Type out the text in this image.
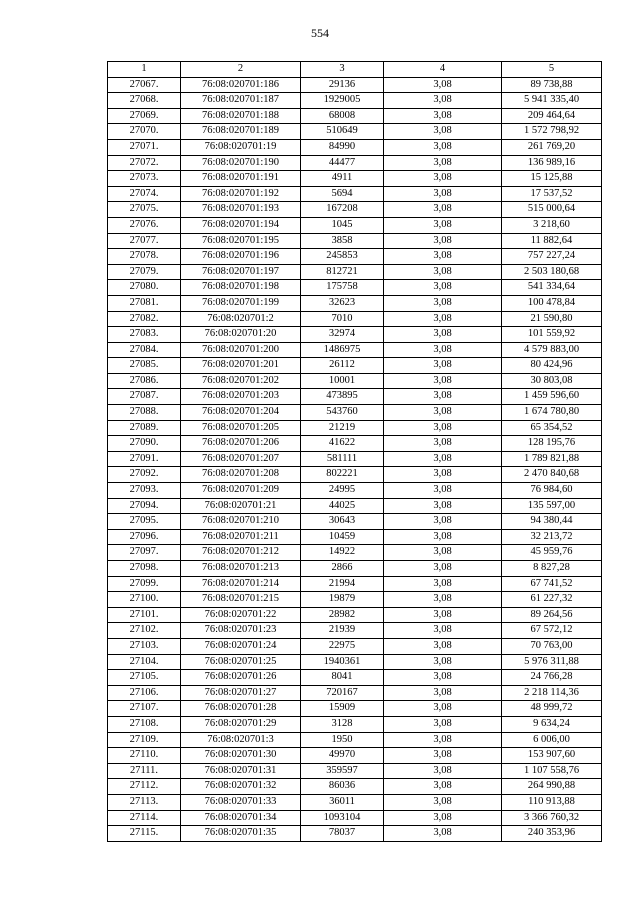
554
1	2	3	4	5
27067.	76:08:020701:186	29136	3,08	89 738,88
27068.	76:08:020701:187	1929005	3,08	5 941 335,40
27069.	76:08:020701:188	68008	3,08	209 464,64
27070.	76:08:020701:189	510649	3,08	1 572 798,92
27071.	76:08:020701:19	84990	3,08	261 769,20
27072.	76:08:020701:190	44477	3,08	136 989,16
27073.	76:08:020701:191	4911	3,08	15 125,88
27074.	76:08:020701:192	5694	3,08	17 537,52
27075.	76:08:020701:193	167208	3,08	515 000,64
27076.	76:08:020701:194	1045	3,08	3 218,60
27077.	76:08:020701:195	3858	3,08	11 882,64
27078.	76:08:020701:196	245853	3,08	757 227,24
27079.	76:08:020701:197	812721	3,08	2 503 180,68
27080.	76:08:020701:198	175758	3,08	541 334,64
27081.	76:08:020701:199	32623	3,08	100 478,84
27082.	76:08:020701:2	7010	3,08	21 590,80
27083.	76:08:020701:20	32974	3,08	101 559,92
27084.	76:08:020701:200	1486975	3,08	4 579 883,00
27085.	76:08:020701:201	26112	3,08	80 424,96
27086.	76:08:020701:202	10001	3,08	30 803,08
27087.	76:08:020701:203	473895	3,08	1 459 596,60
27088.	76:08:020701:204	543760	3,08	1 674 780,80
27089.	76:08:020701:205	21219	3,08	65 354,52
27090.	76:08:020701:206	41622	3,08	128 195,76
27091.	76:08:020701:207	581111	3,08	1 789 821,88
27092.	76:08:020701:208	802221	3,08	2 470 840,68
27093.	76:08:020701:209	24995	3,08	76 984,60
27094.	76:08:020701:21	44025	3,08	135 597,00
27095.	76:08:020701:210	30643	3,08	94 380,44
27096.	76:08:020701:211	10459	3,08	32 213,72
27097.	76:08:020701:212	14922	3,08	45 959,76
27098.	76:08:020701:213	2866	3,08	8 827,28
27099.	76:08:020701:214	21994	3,08	67 741,52
27100.	76:08:020701:215	19879	3,08	61 227,32
27101.	76:08:020701:22	28982	3,08	89 264,56
27102.	76:08:020701:23	21939	3,08	67 572,12
27103.	76:08:020701:24	22975	3,08	70 763,00
27104.	76:08:020701:25	1940361	3,08	5 976 311,88
27105.	76:08:020701:26	8041	3,08	24 766,28
27106.	76:08:020701:27	720167	3,08	2 218 114,36
27107.	76:08:020701:28	15909	3,08	48 999,72
27108.	76:08:020701:29	3128	3,08	9 634,24
27109.	76:08:020701:3	1950	3,08	6 006,00
27110.	76:08:020701:30	49970	3,08	153 907,60
27111.	76:08:020701:31	359597	3,08	1 107 558,76
27112.	76:08:020701:32	86036	3,08	264 990,88
27113.	76:08:020701:33	36011	3,08	110 913,88
27114.	76:08:020701:34	1093104	3,08	3 366 760,32
27115.	76:08:020701:35	78037	3,08	240 353,96
